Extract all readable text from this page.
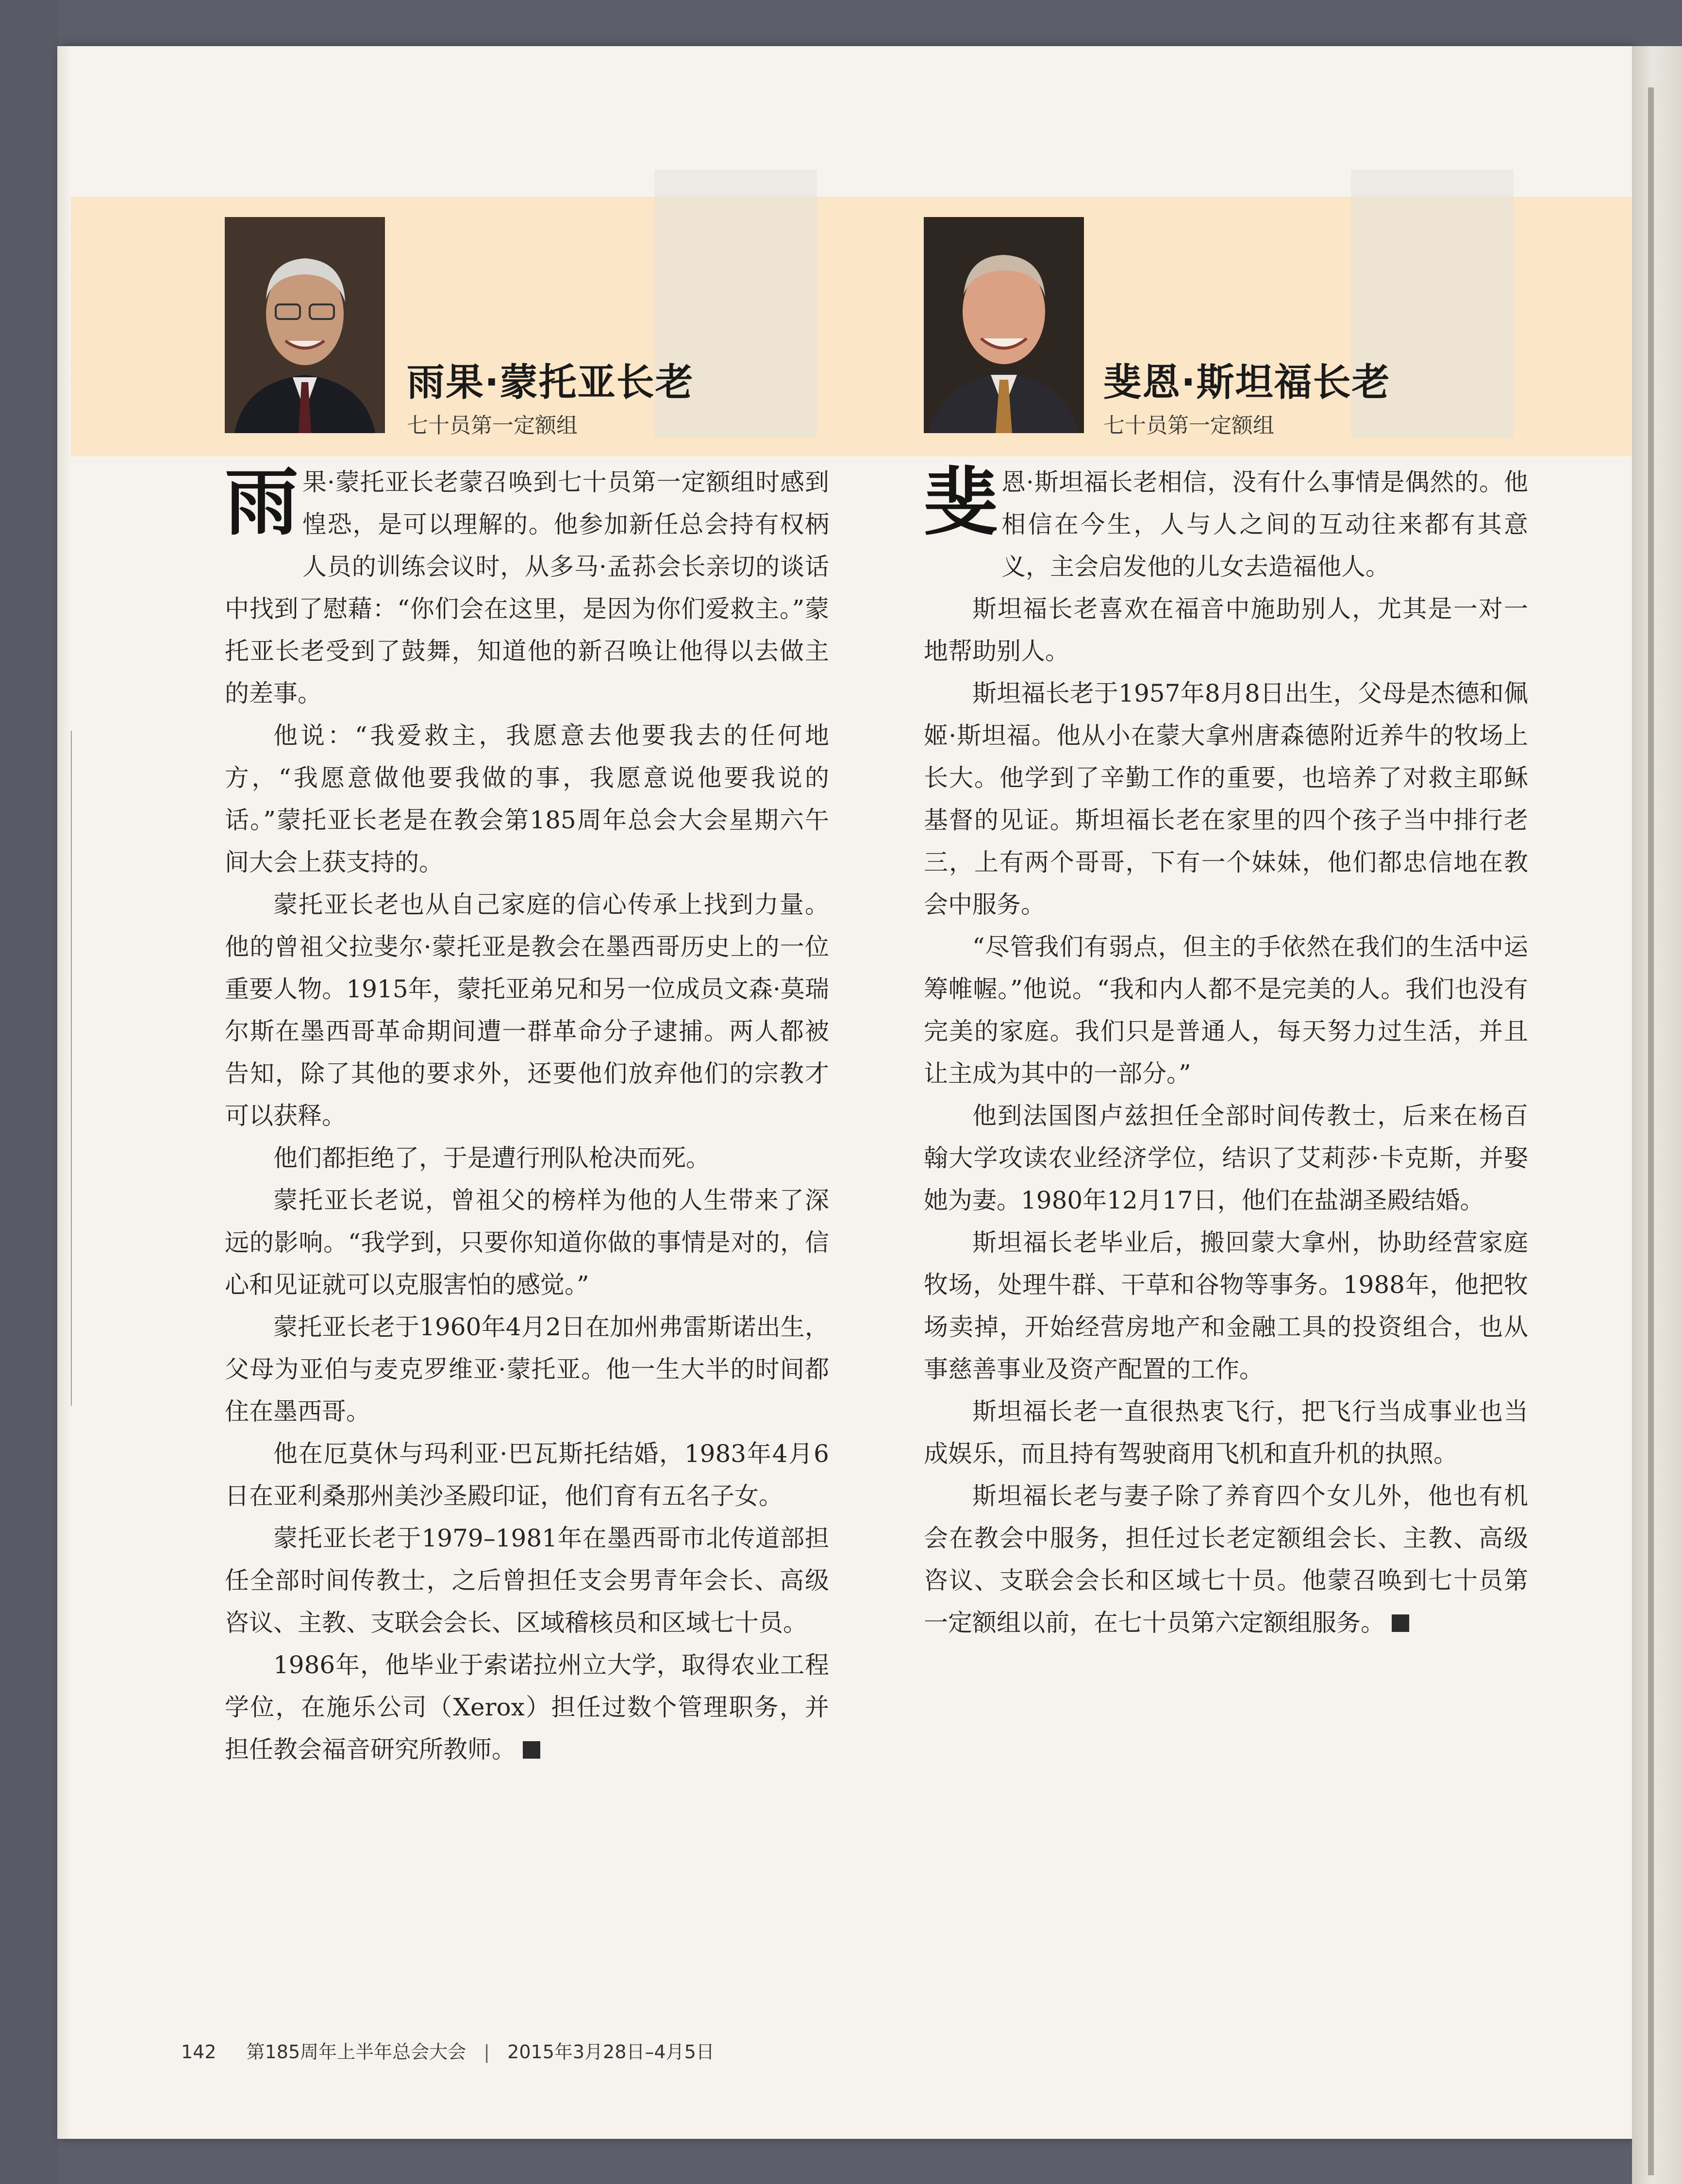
雨果·蒙托亚长老
七十员第一定额组
斐恩·斯坦福长老
七十员第一定额组

雨果·蒙托亚长老蒙召唤到七十员第一定额组时感到惶恐，是可以理解的。他参加新任总会持有权柄人员的训练会议时，从多马·孟荪会长亲切的谈话中找到了慰藉：“你们会在这里，是因为你们爱救主。”蒙托亚长老受到了鼓舞，知道他的新召唤让他得以去做主的差事。

他说：“我爱救主，我愿意去他要我去的任何地方，“我愿意做他要我做的事，我愿意说他要我说的话。”蒙托亚长老是在教会第185周年总会大会星期六午间大会上获支持的。

蒙托亚长老也从自己家庭的信心传承上找到力量。他的曾祖父拉斐尔·蒙托亚是教会在墨西哥历史上的一位重要人物。1915年，蒙托亚弟兄和另一位成员文森·莫瑞尔斯在墨西哥革命期间遭一群革命分子逮捕。两人都被告知，除了其他的要求外，还要他们放弃他们的宗教才可以获释。

他们都拒绝了，于是遭行刑队枪决而死。

蒙托亚长老说，曾祖父的榜样为他的人生带来了深远的影响。“我学到，只要你知道你做的事情是对的，信心和见证就可以克服害怕的感觉。”

蒙托亚长老于1960年4月2日在加州弗雷斯诺出生，父母为亚伯与麦克罗维亚·蒙托亚。他一生大半的时间都住在墨西哥。

他在厄莫休与玛利亚·巴瓦斯托结婚，1983年4月6日在亚利桑那州美沙圣殿印证，他们育有五名子女。

蒙托亚长老于1979–1981年在墨西哥市北传道部担任全部时间传教士，之后曾担任支会男青年会长、高级咨议、主教、支联会会长、区域稽核员和区域七十员。

1986年，他毕业于索诺拉州立大学，取得农业工程学位，在施乐公司（Xerox）担任过数个管理职务，并担任教会福音研究所教师。

斐恩·斯坦福长老相信，没有什么事情是偶然的。他相信在今生，人与人之间的互动往来都有其意义，主会启发他的儿女去造福他人。

斯坦福长老喜欢在福音中施助别人，尤其是一对一地帮助别人。

斯坦福长老于1957年8月8日出生，父母是杰德和佩姬·斯坦福。他从小在蒙大拿州唐森德附近养牛的牧场上长大。他学到了辛勤工作的重要，也培养了对救主耶稣基督的见证。斯坦福长老在家里的四个孩子当中排行老三，上有两个哥哥，下有一个妹妹，他们都忠信地在教会中服务。

“尽管我们有弱点，但主的手依然在我们的生活中运筹帷幄。”他说。“我和内人都不是完美的人。我们也没有完美的家庭。我们只是普通人，每天努力过生活，并且让主成为其中的一部分。”

他到法国图卢兹担任全部时间传教士，后来在杨百翰大学攻读农业经济学位，结识了艾莉莎·卡克斯，并娶她为妻。1980年12月17日，他们在盐湖圣殿结婚。

斯坦福长老毕业后，搬回蒙大拿州，协助经营家庭牧场，处理牛群、干草和谷物等事务。1988年，他把牧场卖掉，开始经营房地产和金融工具的投资组合，也从事慈善事业及资产配置的工作。

斯坦福长老一直很热衷飞行，把飞行当成事业也当成娱乐，而且持有驾驶商用飞机和直升机的执照。

斯坦福长老与妻子除了养育四个女儿外，他也有机会在教会中服务，担任过长老定额组会长、主教、高级咨议、支联会会长和区域七十员。他蒙召唤到七十员第一定额组以前，在七十员第六定额组服务。

142 第185周年上半年总会大会 | 2015年3月28日–4月5日
